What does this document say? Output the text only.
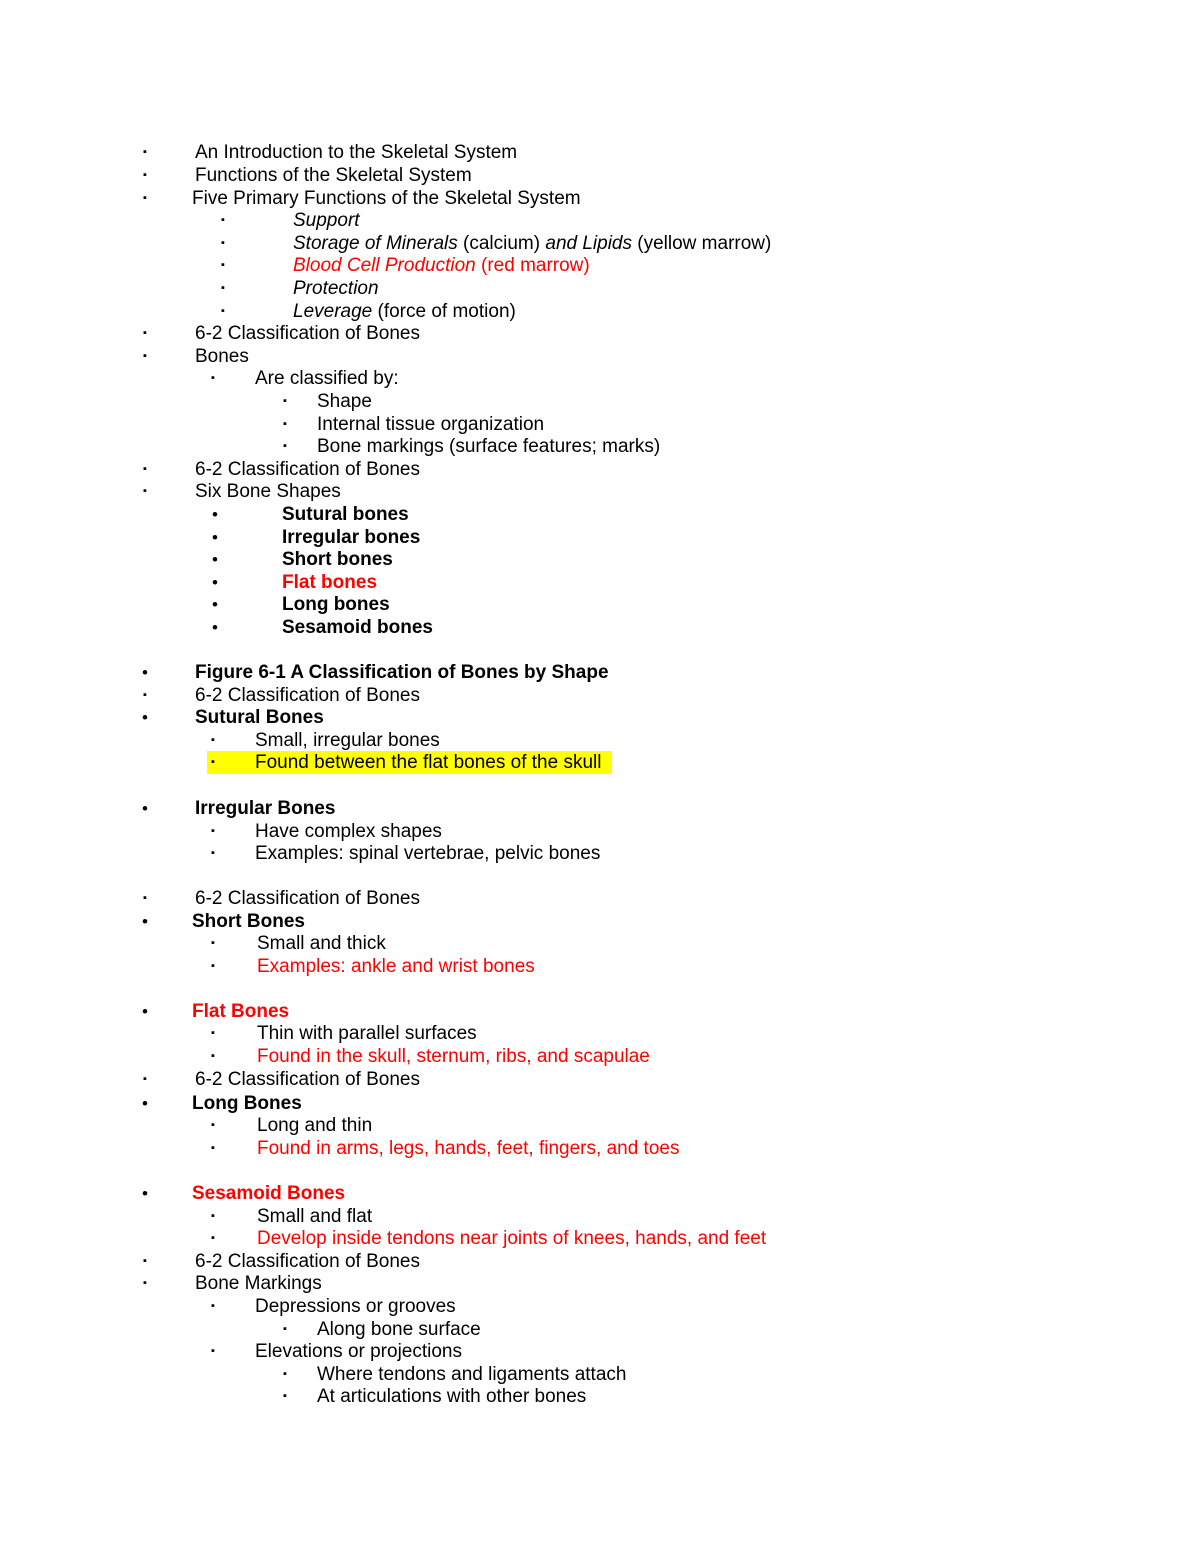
▪	An Introduction to the Skeletal System
▪	Functions of the Skeletal System
▪ Five Primary Functions of the Skeletal System
▪	Support
▪	Storage of Minerals (calcium) and Lipids (yellow marrow)
▪	Blood Cell Production (red marrow)
▪	Protection
▪	Leverage (force of motion)
▪	6-2 Classification of Bones
▪	Bones
▪ Are classified by:
▪ Shape
▪ Internal tissue organization
▪ Bone markings (surface features; marks)
▪	6-2 Classification of Bones
▪	Six Bone Shapes
•	Sutural bones
•	Irregular bones
•	Short bones
•	Flat bones
•	Long bones
•	Sesamoid bones
• Figure 6-1 A Classification of Bones by Shape
▪	6-2 Classification of Bones
• Sutural Bones
▪ Small, irregular bones
▪ Found between the flat bones of the skull
• Irregular Bones
▪ Have complex shapes
▪ Examples: spinal vertebrae, pelvic bones
▪	6-2 Classification of Bones
• Short Bones
▪ Small and thick
▪ Examples: ankle and wrist bones
• Flat Bones
▪ Thin with parallel surfaces
▪ Found in the skull, sternum, ribs, and scapulae
▪	6-2 Classification of Bones
• Long Bones
▪ Long and thin
▪ Found in arms, legs, hands, feet, fingers, and toes
• Sesamoid Bones
▪ Small and flat
▪ Develop inside tendons near joints of knees, hands, and feet
▪	6-2 Classification of Bones
▪	Bone Markings
▪ Depressions or grooves
▪ Along bone surface
▪ Elevations or projections
▪ Where tendons and ligaments attach
▪ At articulations with other bones
